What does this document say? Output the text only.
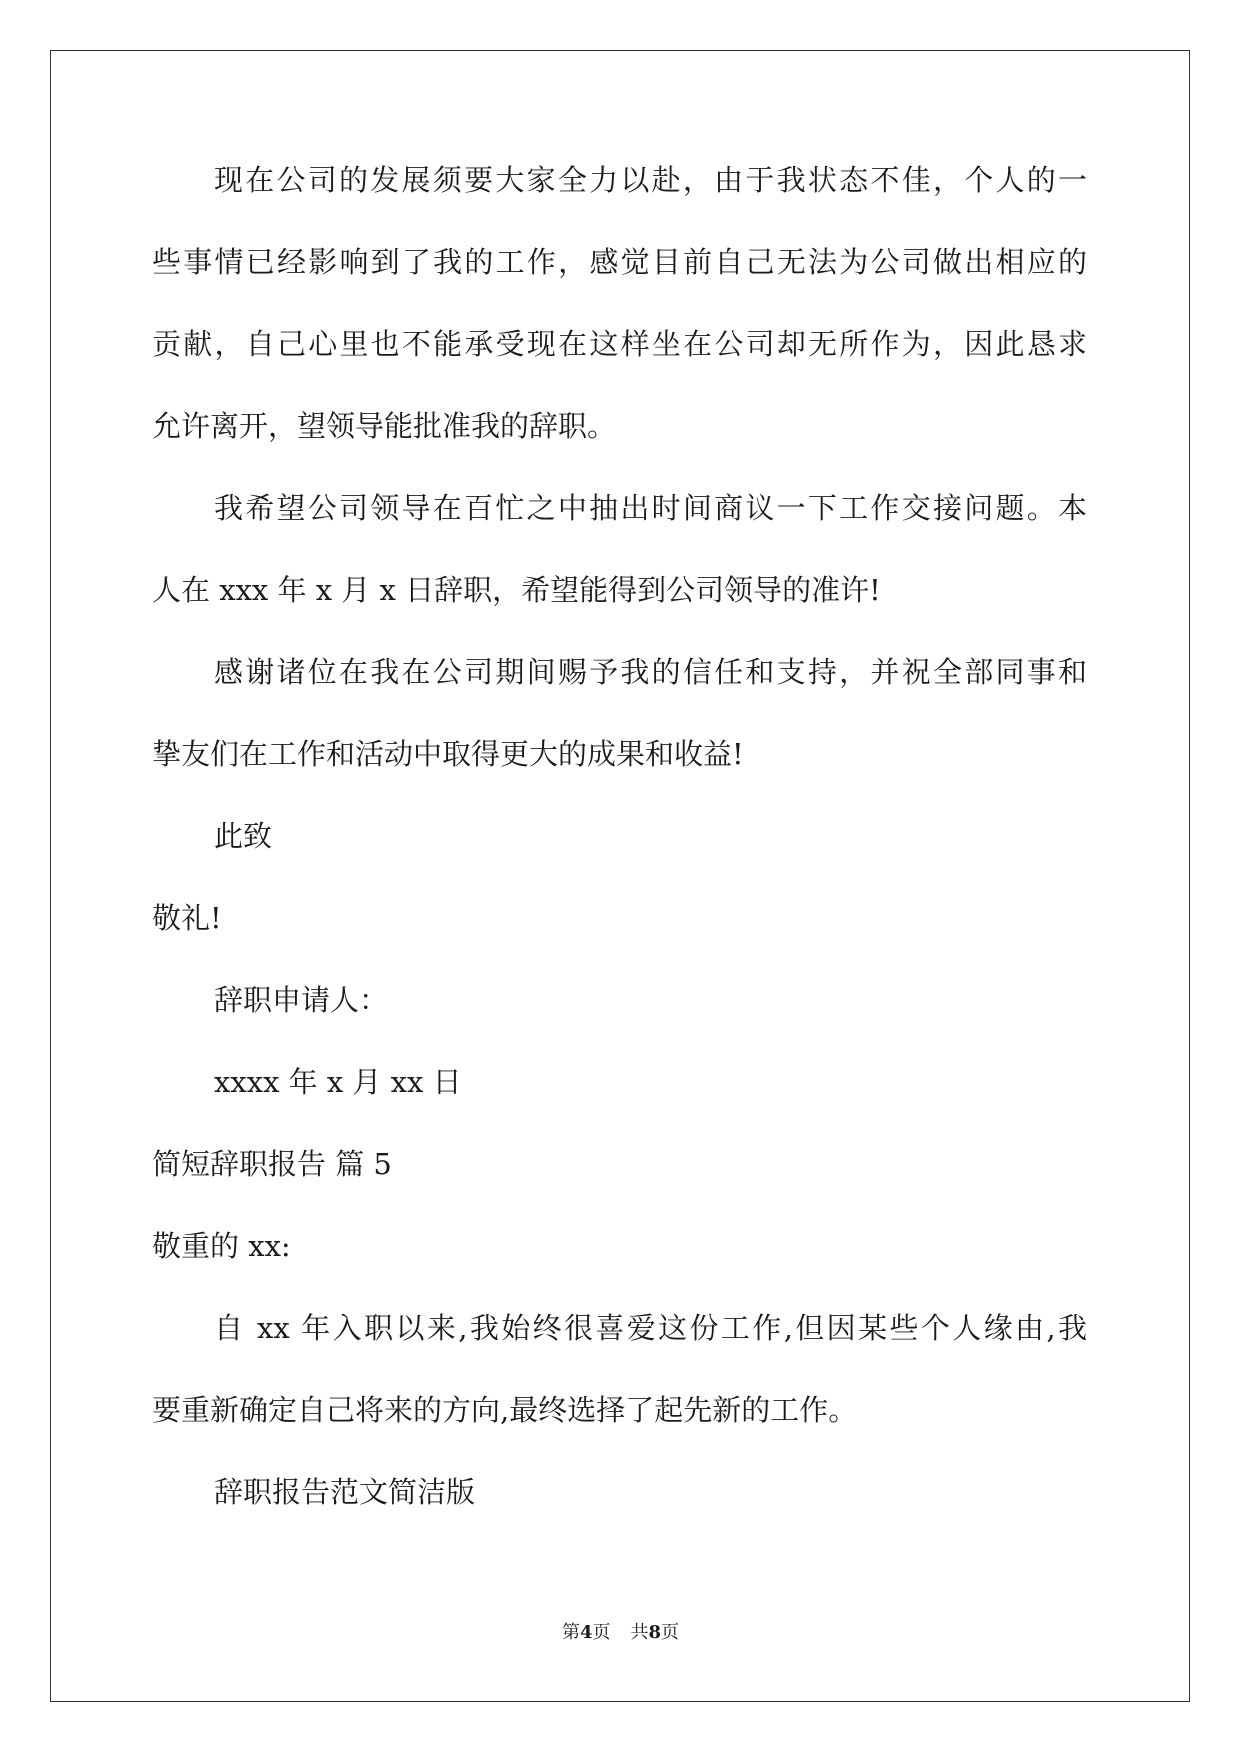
现在公司的发展须要大家全力以赴，由于我状态不佳，个人的一
些事情已经影响到了我的工作，感觉目前自己无法为公司做出相应的
贡献，自己心里也不能承受现在这样坐在公司却无所作为，因此恳求
允许离开，望领导能批准我的辞职。
我希望公司领导在百忙之中抽出时间商议一下工作交接问题。本
人在 xxx 年 x 月 x 日辞职，希望能得到公司领导的准许!
感谢诸位在我在公司期间赐予我的信任和支持，并祝全部同事和
挚友们在工作和活动中取得更大的成果和收益!
此致
敬礼!
辞职申请人：
xxxx 年 x 月 xx 日
简短辞职报告 篇 5
敬重的 xx:
自 xx 年入职以来,我始终很喜爱这份工作,但因某些个人缘由,我
要重新确定自己将来的方向,最终选择了起先新的工作。
辞职报告范文简洁版
第4页 共8页
